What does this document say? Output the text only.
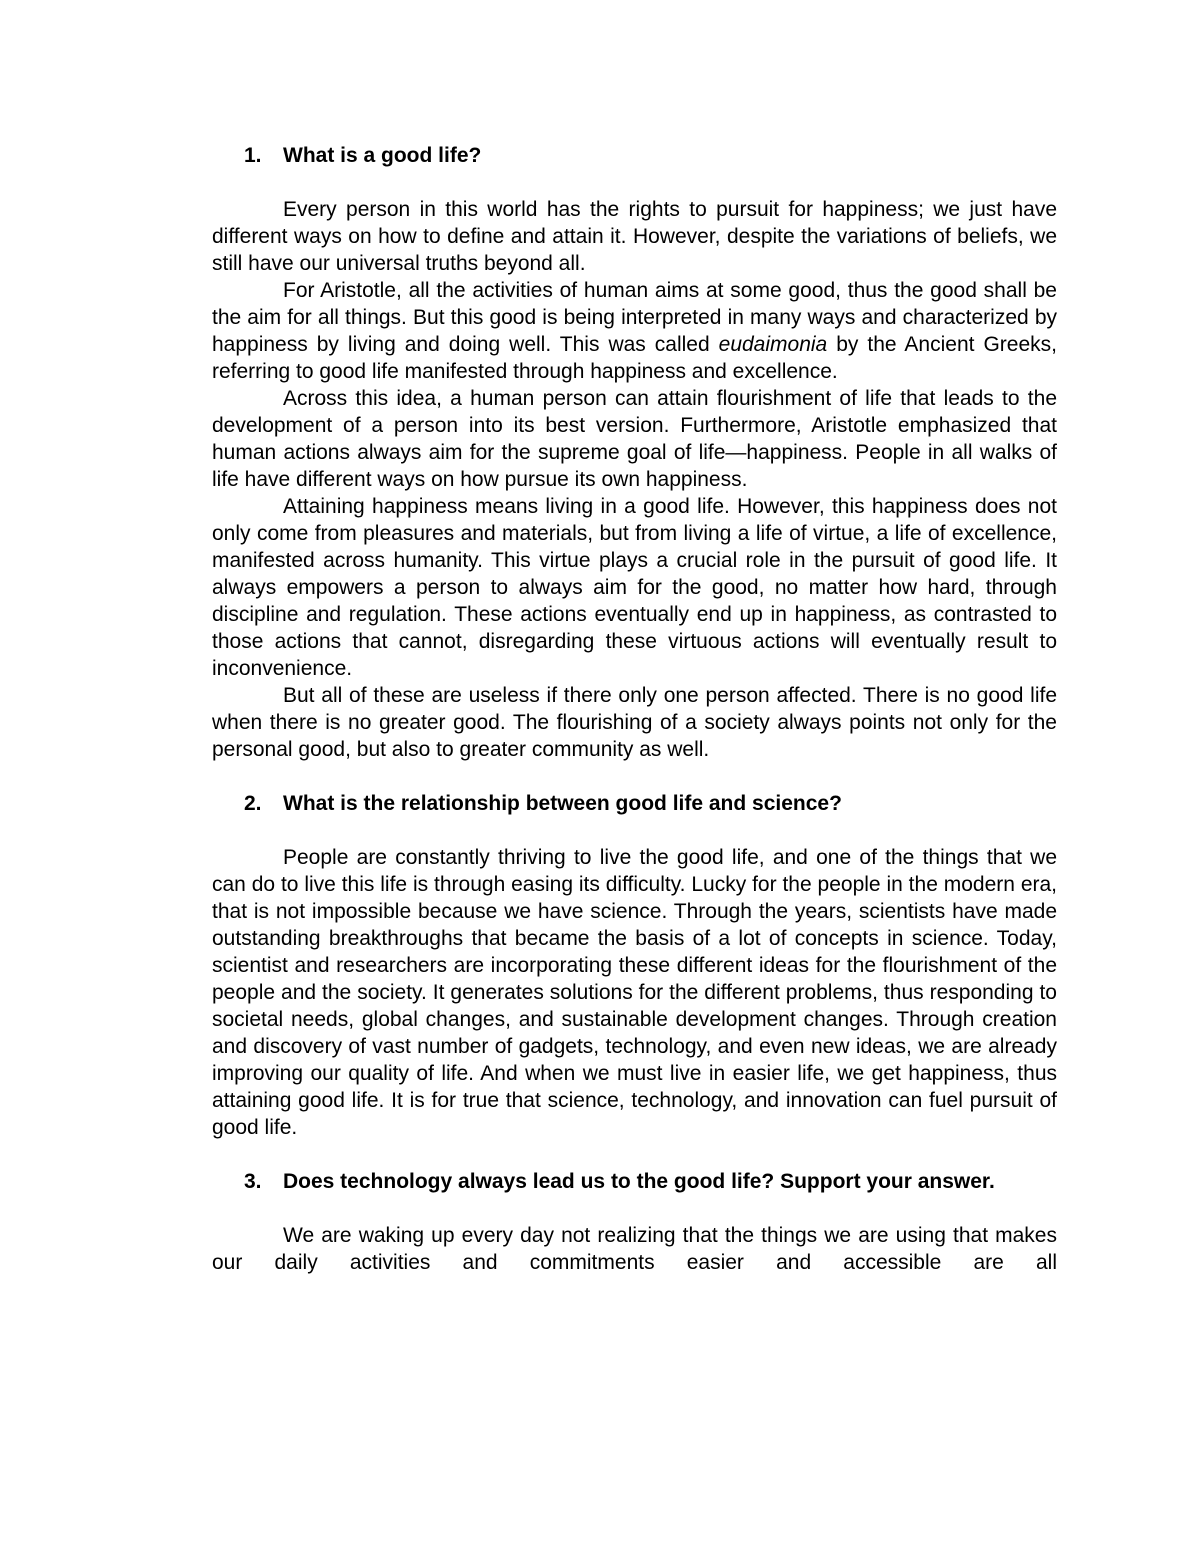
1.	What is a good life?

Every person in this world has the rights to pursuit for happiness; we just have different ways on how to define and attain it. However, despite the variations of beliefs, we still have our universal truths beyond all.

For Aristotle, all the activities of human aims at some good, thus the good shall be the aim for all things. But this good is being interpreted in many ways and characterized by happiness by living and doing well. This was called eudaimonia by the Ancient Greeks, referring to good life manifested through happiness and excellence.

Across this idea, a human person can attain flourishment of life that leads to the development of a person into its best version. Furthermore, Aristotle emphasized that human actions always aim for the supreme goal of life—happiness. People in all walks of life have different ways on how pursue its own happiness.

Attaining happiness means living in a good life. However, this happiness does not only come from pleasures and materials, but from living a life of virtue, a life of excellence, manifested across humanity. This virtue plays a crucial role in the pursuit of good life. It always empowers a person to always aim for the good, no matter how hard, through discipline and regulation. These actions eventually end up in happiness, as contrasted to those actions that cannot, disregarding these virtuous actions will eventually result to inconvenience.

But all of these are useless if there only one person affected. There is no good life when there is no greater good. The flourishing of a society always points not only for the personal good, but also to greater community as well.

2.	What is the relationship between good life and science?

People are constantly thriving to live the good life, and one of the things that we can do to live this life is through easing its difficulty. Lucky for the people in the modern era, that is not impossible because we have science. Through the years, scientists have made outstanding breakthroughs that became the basis of a lot of concepts in science. Today, scientist and researchers are incorporating these different ideas for the flourishment of the people and the society. It generates solutions for the different problems, thus responding to societal needs, global changes, and sustainable development changes. Through creation and discovery of vast number of gadgets, technology, and even new ideas, we are already improving our quality of life. And when we must live in easier life, we get happiness, thus attaining good life. It is for true that science, technology, and innovation can fuel pursuit of good life.

3.	Does technology always lead us to the good life? Support your answer.

We are waking up every day not realizing that the things we are using that makes our daily activities and commitments easier and accessible are all
